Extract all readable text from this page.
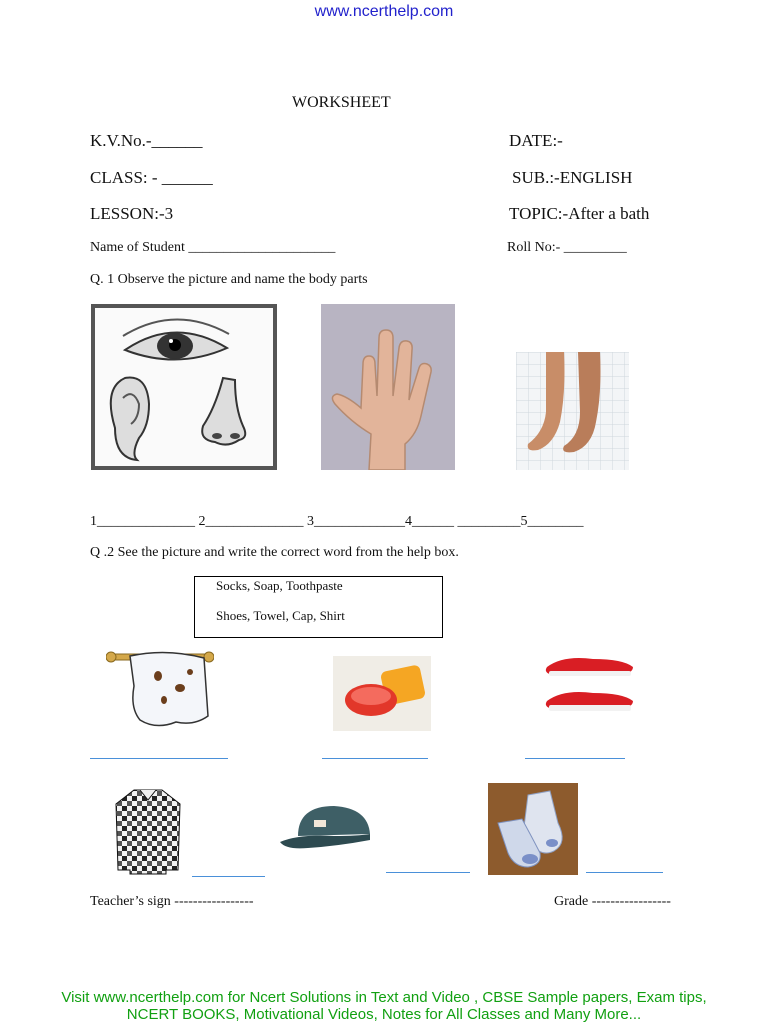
www.ncerthelp.com
WORKSHEET
K.V.No.-______	DATE:-
CLASS: - ______	SUB.:-ENGLISH
LESSON:-3	TOPIC:-After a bath
Name of Student _____________________	Roll No:- _________
Q. 1 Observe the picture and name the body parts
1______________ 2______________ 3_____________4______ _________5________
Q .2 See the picture and write the correct word from the help box.
Socks, Soap, Toothpaste
Shoes, Towel, Cap, Shirt
Teacher’s sign -----------------	Grade -----------------
Visit www.ncerthelp.com for Ncert Solutions in Text and Video , CBSE Sample papers, Exam tips,
NCERT BOOKS, Motivational Videos, Notes for All Classes and Many More...
